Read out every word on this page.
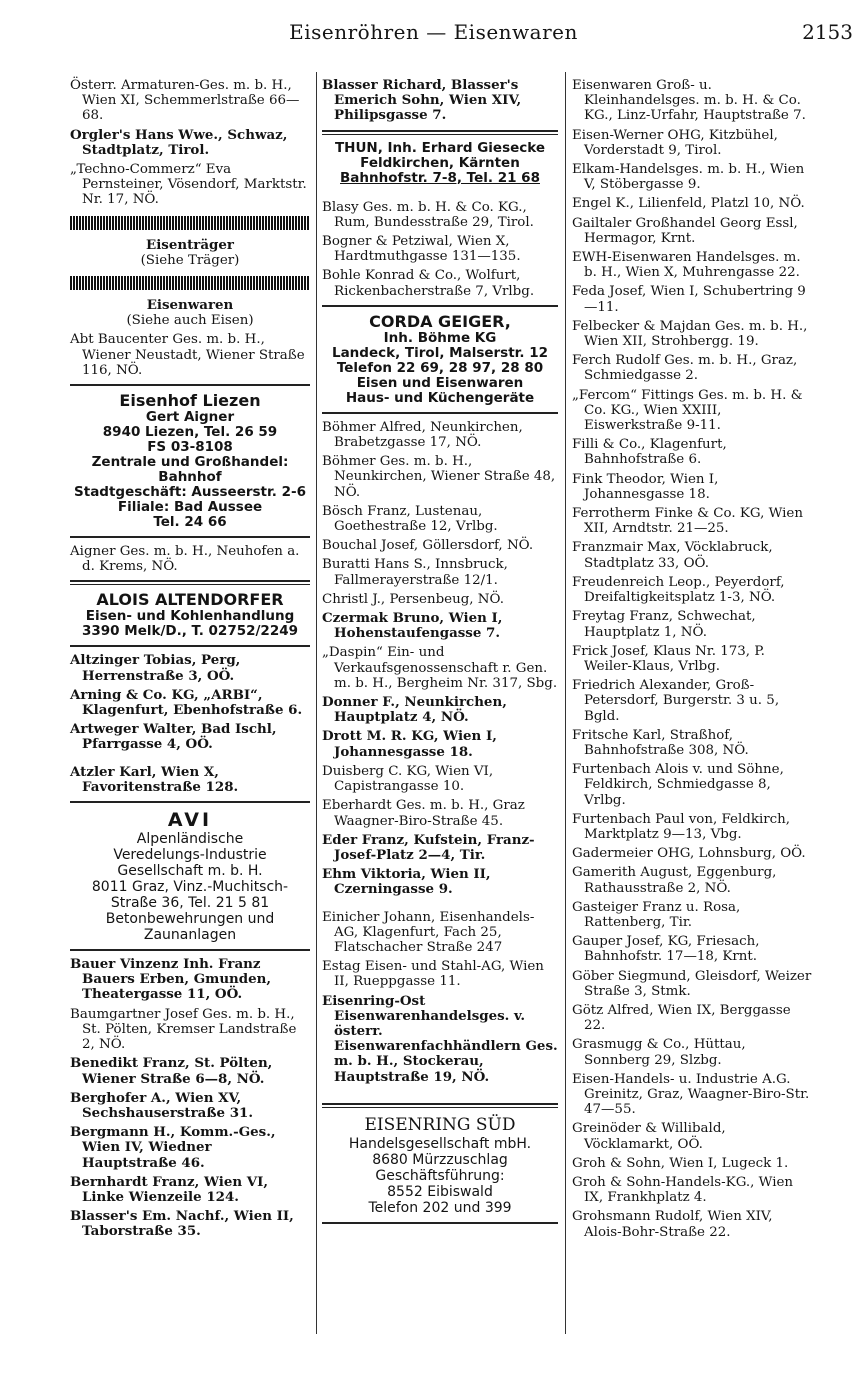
Eisenröhren — Eisenwaren	2153

Österr. Armaturen-Ges. m. b. H., Wien XI, Schemmerlstraße 66—68.

Orgler's Hans Wwe., Schwaz, Stadtplatz, Tirol.

„Techno-Commerz“ Eva Pernsteiner, Vösendorf, Marktstr. Nr. 17, NÖ.

Eisenträger
(Siehe Träger)
Eisenwaren
(Siehe auch Eisen)

Abt Baucenter Ges. m. b. H., Wiener Neustadt, Wiener Straße 116, NÖ.

Eisenhof Liezen
Gert Aigner
8940 Liezen, Tel. 26 59
FS 03-8108
Zentrale und Großhandel:
Bahnhof
Stadtgeschäft: Ausseerstr. 2-6
Filiale: Bad Aussee
Tel. 24 66

Aigner Ges. m. b. H., Neuhofen a. d. Krems, NÖ.

ALOIS ALTENDORFER
Eisen- und Kohlenhandlung
3390 Melk/D., T. 02752/2249

Altzinger Tobias, Perg, Herrenstraße 3, OÖ.

Arning & Co. KG, „ARBI“, Klagenfurt, Ebenhofstraße 6.

Artweger Walter, Bad Ischl, Pfarrgasse 4, OÖ.

Atzler Karl, Wien X, Favoritenstraße 128.

AVI
Alpenländische
Veredelungs-Industrie
Gesellschaft m. b. H.
8011 Graz, Vinz.-Muchitsch-
Straße 36, Tel. 21 5 81
Betonbewehrungen und
Zaunanlagen

Bauer Vinzenz Inh. Franz Bauers Erben, Gmunden, Theatergasse 11, OÖ.

Baumgartner Josef Ges. m. b. H., St. Pölten, Kremser Landstraße 2, NÖ.

Benedikt Franz, St. Pölten, Wiener Straße 6—8, NÖ.

Berghofer A., Wien XV, Sechshauserstraße 31.

Bergmann H., Komm.-Ges., Wien IV, Wiedner Hauptstraße 46.

Bernhardt Franz, Wien VI, Linke Wienzeile 124.

Blasser's Em. Nachf., Wien II, Taborstraße 35.

Blasser Richard, Blasser's Emerich Sohn, Wien XIV, Philipsgasse 7.

THUN, Inh. Erhard Giesecke
Feldkirchen, Kärnten
Bahnhofstr. 7-8, Tel. 21 68

Blasy Ges. m. b. H. & Co. KG., Rum, Bundesstraße 29, Tirol.

Bogner & Petziwal, Wien X, Hardtmuthgasse 131—135.

Bohle Konrad & Co., Wolfurt, Rickenbacherstraße 7, Vrlbg.

CORDA GEIGER,
Inh. Böhme KG
Landeck, Tirol, Malserstr. 12
Telefon 22 69, 28 97, 28 80
Eisen und Eisenwaren
Haus- und Küchengeräte

Böhmer Alfred, Neunkirchen, Brabetzgasse 17, NÖ.

Böhmer Ges. m. b. H., Neunkirchen, Wiener Straße 48, NÖ.

Bösch Franz, Lustenau, Goethestraße 12, Vrlbg.

Bouchal Josef, Göllersdorf, NÖ.

Buratti Hans S., Innsbruck, Fallmerayerstraße 12/1.

Christl J., Persenbeug, NÖ.

Czermak Bruno, Wien I, Hohenstaufengasse 7.

„Daspin“ Ein- und Verkaufsgenossenschaft r. Gen. m. b. H., Bergheim Nr. 317, Sbg.

Donner F., Neunkirchen, Hauptplatz 4, NÖ.

Drott M. R. KG, Wien I, Johannesgasse 18.

Duisberg C. KG, Wien VI, Capistrangasse 10.

Eberhardt Ges. m. b. H., Graz Waagner-Biro-Straße 45.

Eder Franz, Kufstein, Franz-Josef-Platz 2—4, Tir.

Ehm Viktoria, Wien II, Czerningasse 9.

Einicher Johann, Eisenhandels-AG, Klagenfurt, Fach 25, Flatschacher Straße 247

Estag Eisen- und Stahl-AG, Wien II, Rueppgasse 11.

Eisenring-Ost Eisenwarenhandelsges. v. österr. Eisenwarenfachhändlern Ges. m. b. H., Stockerau, Hauptstraße 19, NÖ.

EISENRING SÜD
Handelsgesellschaft mbH.
8680 Mürzzuschlag
Geschäftsführung:
8552 Eibiswald
Telefon 202 und 399

Eisenwaren Groß- u. Kleinhandelsges. m. b. H. & Co. KG., Linz-Urfahr, Hauptstraße 7.

Eisen-Werner OHG, Kitzbühel, Vorderstadt 9, Tirol.

Elkam-Handelsges. m. b. H., Wien V, Stöbergasse 9.

Engel K., Lilienfeld, Platzl 10, NÖ.

Gailtaler Großhandel Georg Essl, Hermagor, Krnt.

EWH-Eisenwaren Handelsges. m. b. H., Wien X, Muhrengasse 22.

Feda Josef, Wien I, Schubertring 9—11.

Felbecker & Majdan Ges. m. b. H., Wien XII, Strohbergg. 19.

Ferch Rudolf Ges. m. b. H., Graz, Schmiedgasse 2.

„Fercom“ Fittings Ges. m. b. H. & Co. KG., Wien XXIII, Eiswerkstraße 9-11.

Filli & Co., Klagenfurt, Bahnhofstraße 6.

Fink Theodor, Wien I, Johannesgasse 18.

Ferrotherm Finke & Co. KG, Wien XII, Arndtstr. 21—25.

Franzmair Max, Vöcklabruck, Stadtplatz 33, OÖ.

Freudenreich Leop., Peyerdorf, Dreifaltigkeitsplatz 1-3, NÖ.

Freytag Franz, Schwechat, Hauptplatz 1, NÖ.

Frick Josef, Klaus Nr. 173, P. Weiler-Klaus, Vrlbg.

Friedrich Alexander, Groß-Petersdorf, Burgerstr. 3 u. 5, Bgld.

Fritsche Karl, Straßhof, Bahnhofstraße 308, NÖ.

Furtenbach Alois v. und Söhne, Feldkirch, Schmiedgasse 8, Vrlbg.

Furtenbach Paul von, Feldkirch, Marktplatz 9—13, Vbg.

Gadermeier OHG, Lohnsburg, OÖ.

Gamerith August, Eggenburg, Rathausstraße 2, NÖ.

Gasteiger Franz u. Rosa, Rattenberg, Tir.

Gauper Josef, KG, Friesach, Bahnhofstr. 17—18, Krnt.

Göber Siegmund, Gleisdorf, Weizer Straße 3, Stmk.

Götz Alfred, Wien IX, Berggasse 22.

Grasmugg & Co., Hüttau, Sonnberg 29, Slzbg.

Eisen-Handels- u. Industrie A.G. Greinitz, Graz, Waagner-Biro-Str. 47—55.

Greinöder & Willibald, Vöcklamarkt, OÖ.

Groh & Sohn, Wien I, Lugeck 1.

Groh & Sohn-Handels-KG., Wien IX, Frankhplatz 4.

Grohsmann Rudolf, Wien XIV, Alois-Bohr-Straße 22.
